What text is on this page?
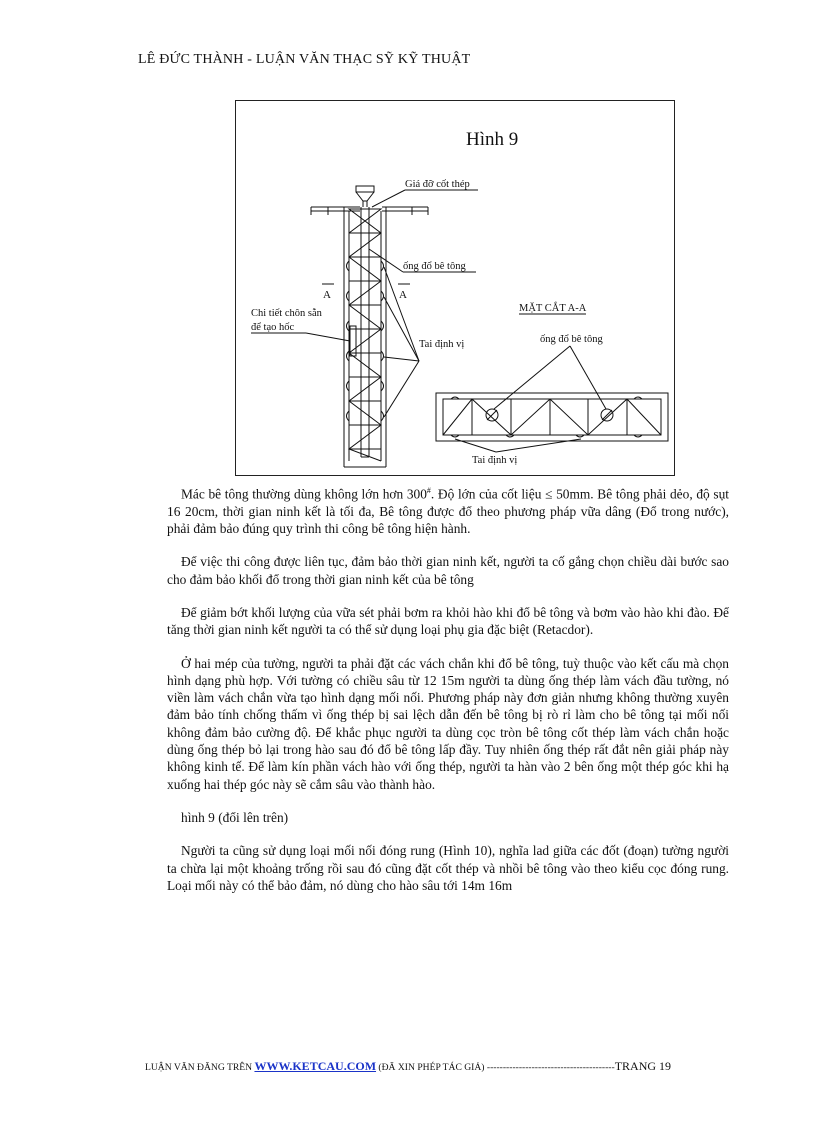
LÊ ĐỨC THÀNH - LUẬN VĂN THẠC SỸ KỸ THUẬT
Hình 9
A	A
Giá đỡ cốt thép
ống đổ bê tông
Chi tiết chôn sẵn
để tạo hốc
Tai định vị
MẶT CẮT A-A
ống đổ bê tông
Tai định vị

Mác bê tông thường dùng không lớn hơn 300#. Độ lớn của cốt liệu ≤ 50mm. Bê tông phải dẻo, độ sụt 16 20cm, thời gian ninh kết là tối đa, Bê tông được đổ theo phương pháp vữa dâng (Đổ trong nước), phải đảm bảo đúng quy trình thi công bê tông hiện hành.

Để việc thi công được liên tục, đảm bảo thời gian ninh kết, người ta cố gắng chọn chiều dài bước sao cho đảm bảo khối đổ trong thời gian ninh kết của bê tông

Để giảm bớt khối lượng của vữa sét phải bơm ra khỏi hào khi đổ bê tông và bơm vào hào khi đào. Để tăng thời gian ninh kết người ta có thể sử dụng loại phụ gia đặc biệt (Retacdor).

Ở hai mép của tường, người ta phải đặt các vách chắn khi đổ bê tông, tuỳ thuộc vào kết cấu mà chọn hình dạng phù hợp. Với tường có chiều sâu từ 12 15m người ta dùng ống thép làm vách đầu tường, nó viền làm vách chắn vừa tạo hình dạng mối nối. Phương pháp này đơn giản nhưng không thường xuyên đảm bảo tính chống thấm vì ống thép bị sai lệch dẫn đến bê tông bị rò rỉ làm cho bê tông tại mối nối không đảm bảo cường độ. Để khắc phục người ta dùng cọc tròn bê tông cốt thép làm vách chắn hoặc dùng ống thép bỏ lại trong hào sau đó đổ bê tông lấp đầy. Tuy nhiên ống thép rất đắt nên giải pháp này không kinh tế. Để làm kín phần vách hào với ống thép, người ta hàn vào 2 bên ống một thép góc khi hạ xuống hai thép góc này sẽ cắm sâu vào thành hào.

hình 9 (đổi lên trên)

Người ta cũng sử dụng loại mối nối đóng rung (Hình 10), nghĩa lad giữa các đốt (đoạn) tường người ta chừa lại một khoảng trống rồi sau đó cũng đặt cốt thép và nhồi bê tông vào theo kiểu cọc đóng rung. Loại mối này có thể bảo đảm, nó dùng cho hào sâu tới 14m 16m

LUẬN VĂN ĐĂNG TRÊN WWW.KETCAU.COM (ĐÃ XIN PHÉP TÁC GIẢ) ----------------------------------------TRANG 19
